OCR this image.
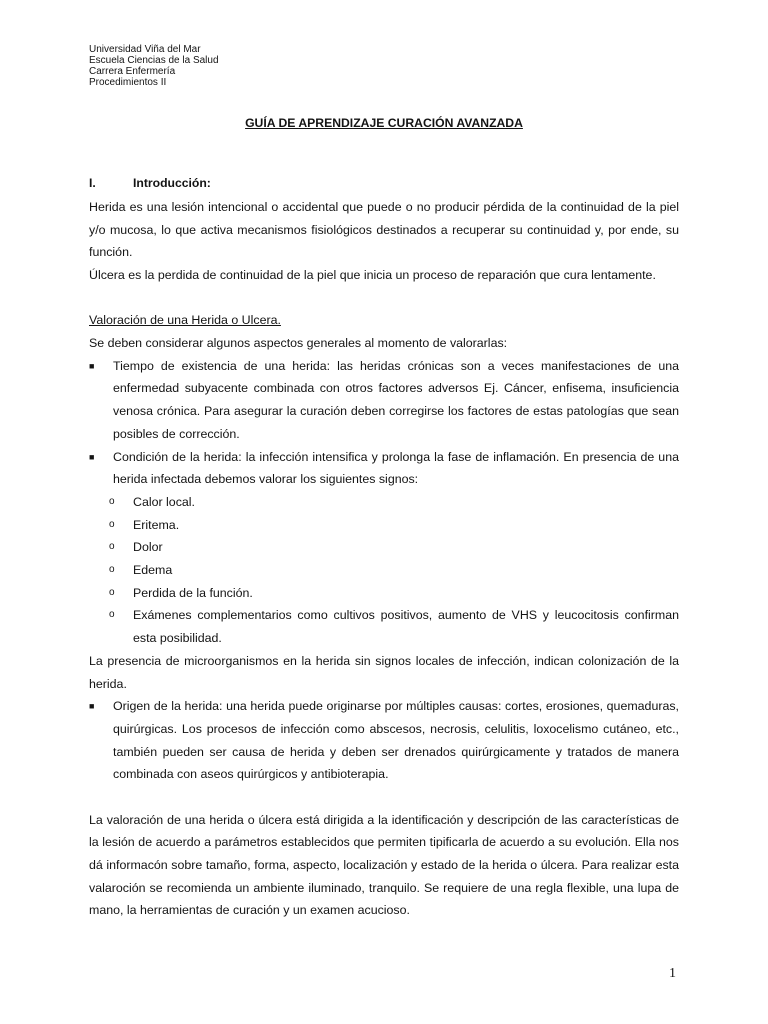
Universidad Viña del Mar
Escuela Ciencias de la Salud
Carrera Enfermería
Procedimientos II
GUÍA DE APRENDIZAJE CURACIÓN AVANZADA
I.	Introducción:

Herida es una lesión intencional o accidental que puede o no producir pérdida de la continuidad de la piel y/o mucosa, lo que activa mecanismos fisiológicos destinados a recuperar su continuidad y, por ende, su función.

Úlcera es la perdida de continuidad de la piel que inicia un proceso de reparación que cura lentamente.

Valoración de una Herida o Ulcera.

Se deben considerar algunos aspectos generales al momento de valorarlas:

■ Tiempo de existencia de una herida: las heridas crónicas son a veces manifestaciones de una enfermedad subyacente combinada con otros factores adversos Ej. Cáncer, enfisema, insuficiencia venosa crónica. Para asegurar la curación deben corregirse los factores de estas patologías que sean posibles de corrección.
■ Condición de la herida: la infección intensifica y prolonga la fase de inflamación. En presencia de una herida infectada debemos valorar los siguientes signos:
o Calor local.
o Eritema.
o Dolor
o Edema
o Perdida de la función.
o Exámenes complementarios como cultivos positivos, aumento de VHS y leucocitosis confirman esta posibilidad.

La presencia de microorganismos en la herida sin signos locales de infección, indican colonización de la herida.

■ Origen de la herida: una herida puede originarse por múltiples causas: cortes, erosiones, quemaduras, quirúrgicas. Los procesos de infección como abscesos, necrosis, celulitis, loxocelismo cutáneo, etc., también pueden ser causa de herida y deben ser drenados quirúrgicamente y tratados de manera combinada con aseos quirúrgicos y antibioterapia.

La valoración de una herida o úlcera está dirigida a la identificación y descripción de las características de la lesión de acuerdo a parámetros establecidos que permiten tipificarla de acuerdo a su evolución. Ella nos dá informacón sobre tamaño, forma, aspecto, localización y estado de la herida o úlcera. Para realizar esta valaroción se recomienda un ambiente iluminado, tranquilo. Se requiere de una regla flexible, una lupa de mano, la herramientas de curación y un examen acucioso.

1
